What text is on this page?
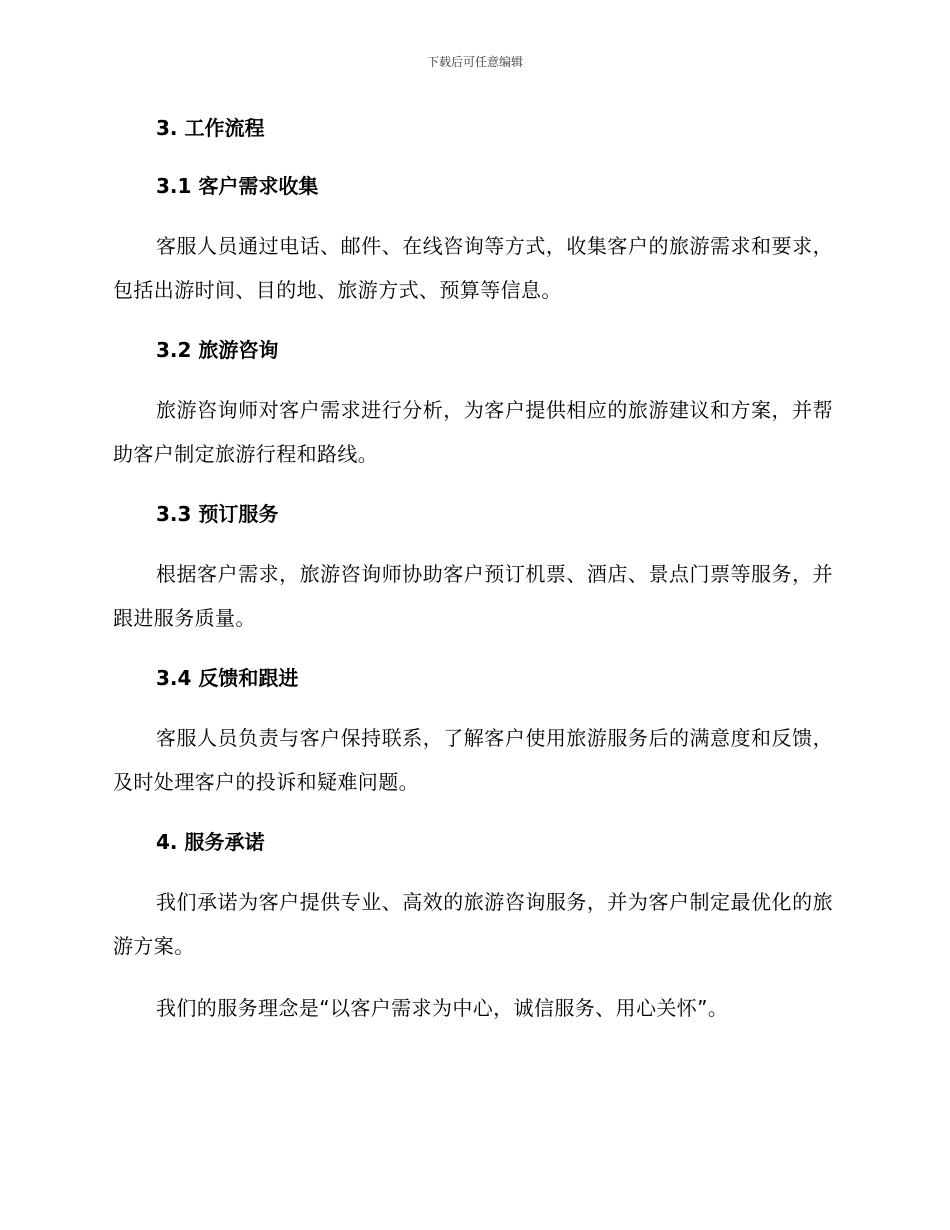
下载后可任意编辑
3. 工作流程
3.1 客户需求收集

客服人员通过电话、邮件、在线咨询等方式，收集客户的旅游需求和要求，包括出游时间、目的地、旅游方式、预算等信息。

3.2 旅游咨询

旅游咨询师对客户需求进行分析，为客户提供相应的旅游建议和方案，并帮助客户制定旅游行程和路线。

3.3 预订服务

根据客户需求，旅游咨询师协助客户预订机票、酒店、景点门票等服务，并跟进服务质量。

3.4 反馈和跟进

客服人员负责与客户保持联系，了解客户使用旅游服务后的满意度和反馈，及时处理客户的投诉和疑难问题。

4. 服务承诺

我们承诺为客户提供专业、高效的旅游咨询服务，并为客户制定最优化的旅游方案。

我们的服务理念是“以客户需求为中心，诚信服务、用心关怀”。
